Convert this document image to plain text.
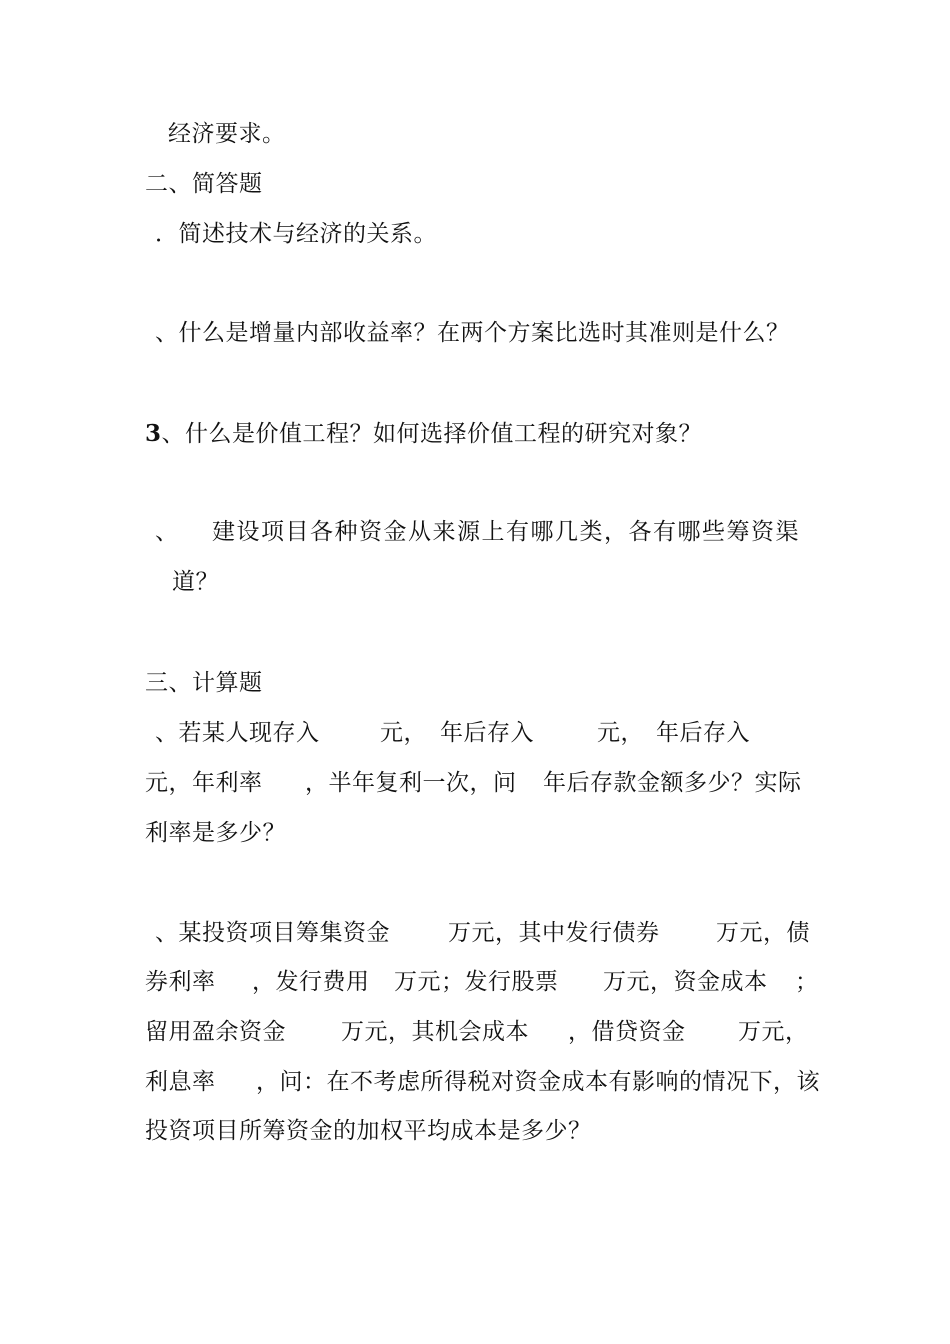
经济要求。
二、简答题
．简述技术与经济的关系。
、什么是增量内部收益率？在两个方案比选时其准则是什么？
3、什么是价值工程？如何选择价值工程的研究对象？
、 建设项目各种资金从来源上有哪几类，各有哪些筹资渠
道？
三、计算题
、若某人现存入	元， 年后存入	元， 年后存入
元，年利率 ，半年复利一次，问 年后存款金额多少？实际
利率是多少？
、某投资项目筹集资金	万元，其中发行债券 万元，债
券利率 ，发行费用 万元；发行股票 万元，资金成本 ；
留用盈余资金 万元，其机会成本 ，借贷资金 万元，
利息率 ，问：在不考虑所得税对资金成本有影响的情况下，该
投资项目所筹资金的加权平均成本是多少？
